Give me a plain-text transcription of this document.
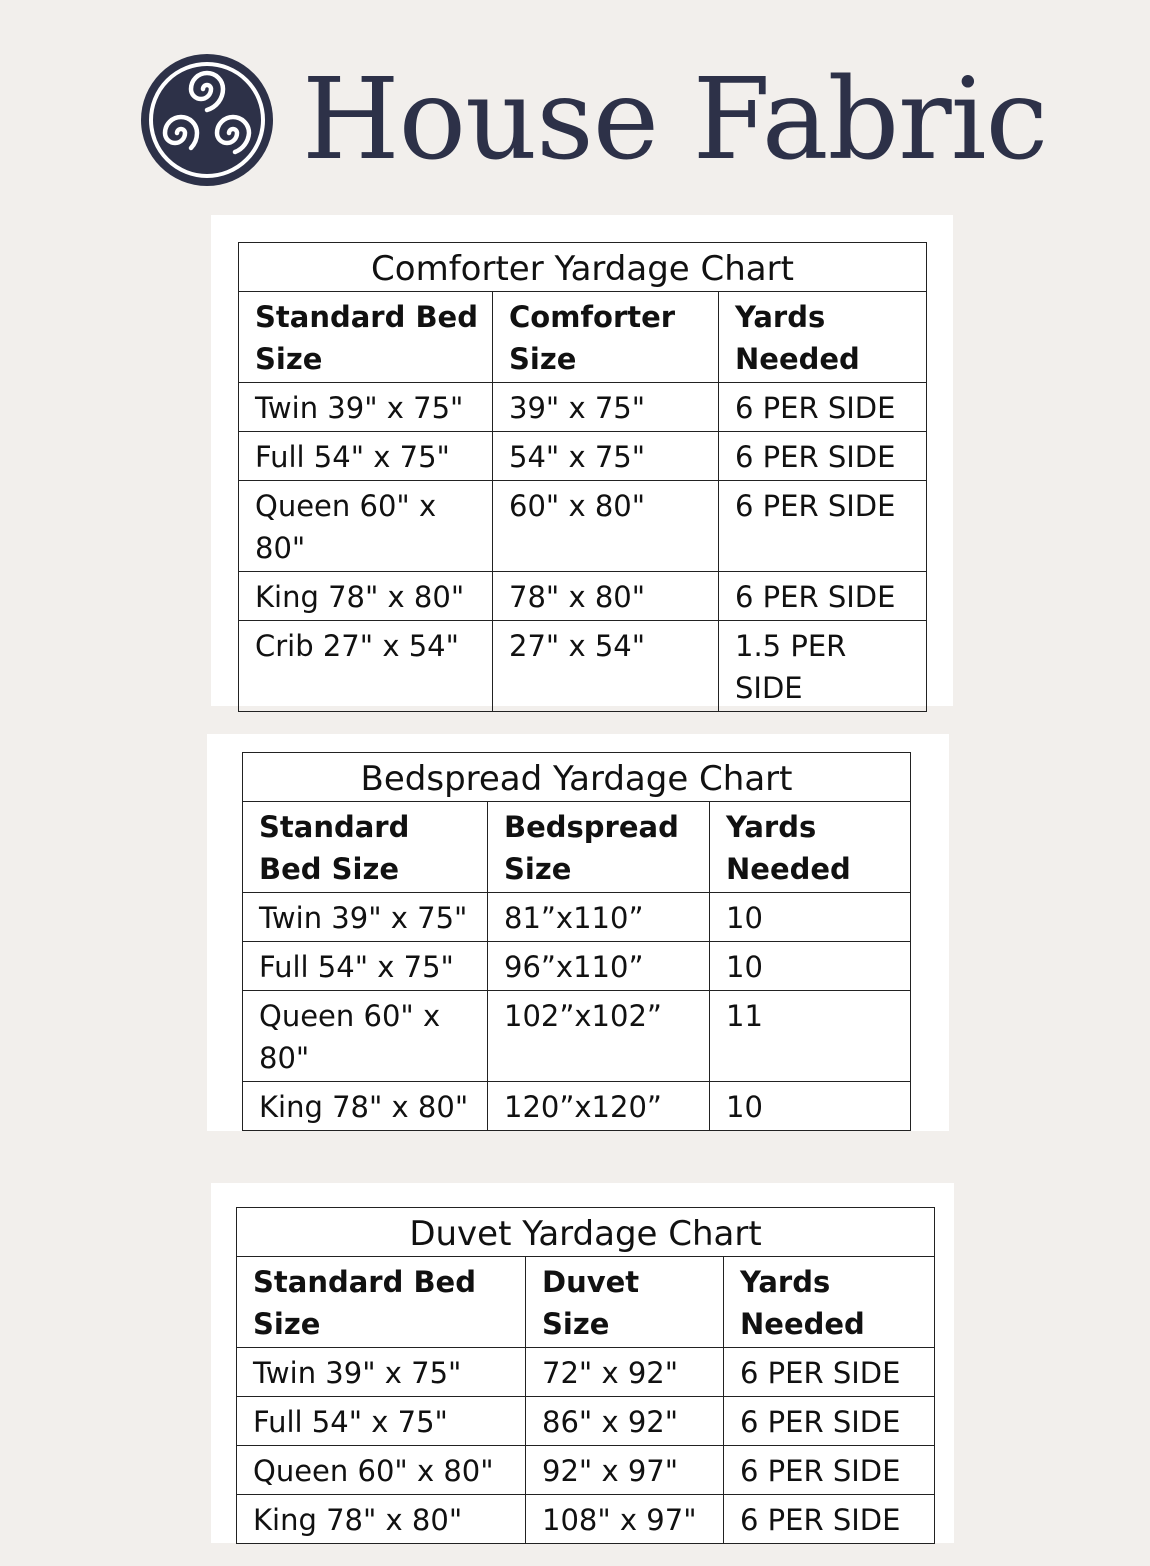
House Fabric
Comforter Yardage Chart		
Standard Bed Size	Comforter Size	Yards Needed
Twin 39" x 75"	39" x 75"	6 PER SIDE
Full 54" x 75"	54" x 75"	6 PER SIDE
Queen 60" x 80"	60" x 80"	6 PER SIDE
King 78" x 80"	78" x 80"	6 PER SIDE
Crib 27" x 54"	27" x 54"	1.5 PER SIDE
Bedspread Yardage Chart		
Standard Bed Size	Bedspread Size	Yards Needed
Twin 39" x 75"	81”x110”	10
Full 54" x 75"	96”x110”	10
Queen 60" x 80"	102”x102”	11
King 78" x 80"	120”x120”	10
Duvet Yardage Chart		
Standard Bed Size	Duvet Size	Yards Needed
Twin 39" x 75"	72" x 92"	6 PER SIDE
Full 54" x 75"	86" x 92"	6 PER SIDE
Queen 60" x 80"	92" x 97"	6 PER SIDE
King 78" x 80"	108" x 97"	6 PER SIDE
